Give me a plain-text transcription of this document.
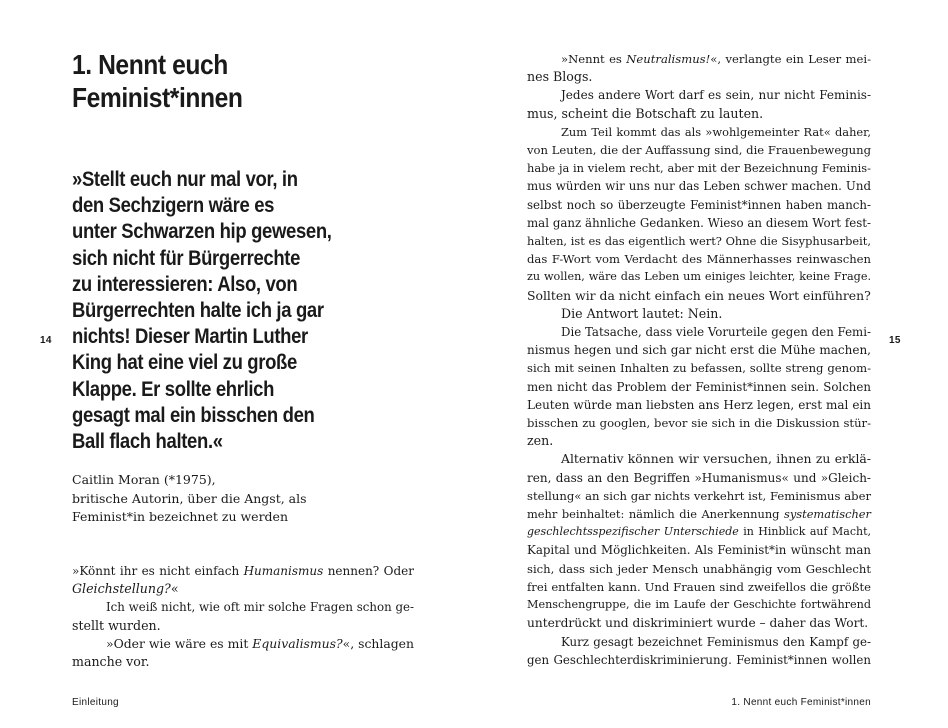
1. Nennt euch Feminist*innen
»Stellt euch nur mal vor, in
den Sechzigern wäre es
unter Schwarzen hip gewesen,
sich nicht für Bürgerrechte
zu interessieren: Also, von
Bürgerrechten halte ich ja gar
nichts! Dieser Martin Luther
King hat eine viel zu große
Klappe. Er sollte ehrlich
gesagt mal ein bisschen den
Ball flach halten.«
Caitlin Moran (*1975),
britische Autorin, über die Angst, als
Feminist*in bezeichnet zu werden
»Könnt ihr es nicht einfach Humanismus nennen? Oder
Gleichstellung?«
Ich weiß nicht, wie oft mir solche Fragen schon ge-
stellt wurden.
»Oder wie wäre es mit Equivalismus?«, schlagen
manche vor.
14
Einleitung
»Nennt es Neutralismus!«, verlangte ein Leser mei-
nes Blogs.
Jedes andere Wort darf es sein, nur nicht Feminis-
mus, scheint die Botschaft zu lauten.
Zum Teil kommt das als »wohlgemeinter Rat« daher,
von Leuten, die der Auffassung sind, die Frauenbewegung
habe ja in vielem recht, aber mit der Bezeichnung Feminis-
mus würden wir uns nur das Leben schwer machen. Und
selbst noch so überzeugte Feminist*innen haben manch-
mal ganz ähnliche Gedanken. Wieso an diesem Wort fest-
halten, ist es das eigentlich wert? Ohne die Sisyphusarbeit,
das F-Wort vom Verdacht des Männerhasses reinwaschen
zu wollen, wäre das Leben um einiges leichter, keine Frage.
Sollten wir da nicht einfach ein neues Wort einführen?
Die Antwort lautet: Nein.
Die Tatsache, dass viele Vorurteile gegen den Femi-
nismus hegen und sich gar nicht erst die Mühe machen,
sich mit seinen Inhalten zu befassen, sollte streng genom-
men nicht das Problem der Feminist*innen sein. Solchen
Leuten würde man liebsten ans Herz legen, erst mal ein
bisschen zu googlen, bevor sie sich in die Diskussion stür-
zen.
Alternativ können wir versuchen, ihnen zu erklä-
ren, dass an den Begriffen »Humanismus« und »Gleich-
stellung« an sich gar nichts verkehrt ist, Feminismus aber
mehr beinhaltet: nämlich die Anerkennung systematischer
geschlechtsspezifischer Unterschiede in Hinblick auf Macht,
Kapital und Möglichkeiten. Als Feminist*in wünscht man
sich, dass sich jeder Mensch unabhängig vom Geschlecht
frei entfalten kann. Und Frauen sind zweifellos die größte
Menschengruppe, die im Laufe der Geschichte fortwährend
unterdrückt und diskriminiert wurde – daher das Wort.
Kurz gesagt bezeichnet Feminismus den Kampf ge-
gen Geschlechterdiskriminierung. Feminist*innen wollen
15
1. Nennt euch Feminist*innen
